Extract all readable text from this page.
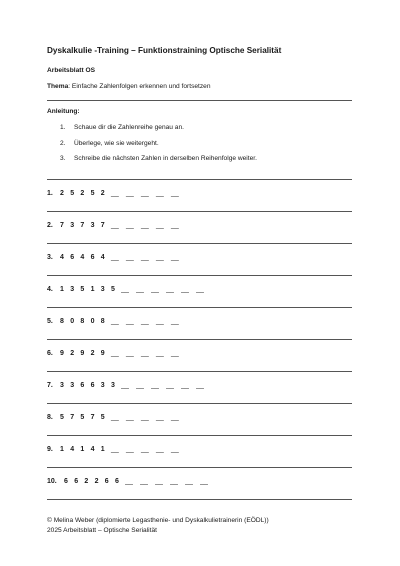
Dyskalkulie -Training – Funktionstraining Optische Serialität
Arbeitsblatt OS
Thema: Einfache Zahlenfolgen erkennen und fortsetzen
Anleitung:
1. Schaue dir die Zahlenreihe genau an.
2. Überlege, wie sie weitergeht.
3. Schreibe die nächsten Zahlen in derselben Reihenfolge weiter.
1. 2 5 2 5 2 __ __ __ __ __
2. 7 3 7 3 7 __ __ __ __ __
3. 4 6 4 6 4 __ __ __ __ __
4. 1 3 5 1 3 5 __ __ __ __ __ __
5. 8 0 8 0 8 __ __ __ __ __
6. 9 2 9 2 9 __ __ __ __ __
7. 3 3 6 6 3 3 __ __ __ __ __ __
8. 5 7 5 7 5 __ __ __ __ __
9. 1 4 1 4 1 __ __ __ __ __
10. 6 6 2 2 6 6 __ __ __ __ __ __
© Melina Weber (diplomierte Legasthenie- und Dyskalkulietrainerin (EÖDL))
2025 Arbeitsblatt – Optische Serialität
